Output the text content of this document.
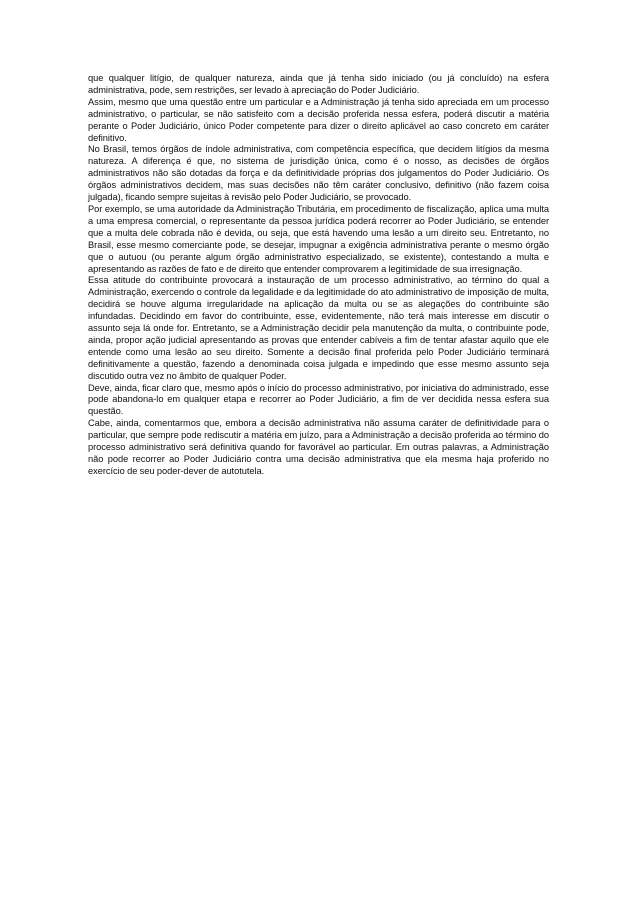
que qualquer litígio, de qualquer natureza, ainda que já tenha sido iniciado (ou já concluído) na esfera administrativa, pode, sem restrições, ser levado à apreciação do Poder Judiciário.

Assim, mesmo que uma questão entre um particular e a Administração já tenha sido apreciada em um processo administrativo, o particular, se não satisfeito com a decisão proferida nessa esfera, poderá discutir a matéria perante o Poder Judiciário, único Poder competente para dizer o direito aplicável ao caso concreto em caráter definitivo.

No Brasil, temos órgãos de índole administrativa, com competência específica, que decidem litígios da mesma natureza. A diferença é que, no sistema de jurisdição única, como é o nosso, as decisões de órgãos administrativos não são dotadas da força e da definitividade próprias dos julgamentos do Poder Judiciário. Os órgãos administrativos decidem, mas suas decisões não têm caráter conclusivo, definitivo (não fazem coisa julgada), ficando sempre sujeitas à revisão pelo Poder Judiciário, se provocado.

Por exemplo, se uma autoridade da Administração Tributária, em procedimento de fiscalização, aplica uma multa a uma empresa comercial, o representante da pessoa jurídica poderá recorrer ao Poder Judiciário, se entender que a multa dele cobrada não é devida, ou seja, que está havendo uma lesão a um direito seu. Entretanto, no Brasil, esse mesmo comerciante pode, se desejar, impugnar a exigência administrativa perante o mesmo órgão que o autuou (ou perante algum órgão administrativo especializado, se existente), contestando a multa e apresentando as razões de fato e de direito que entender comprovarem a legitimidade de sua irresignação.

Essa atitude do contribuinte provocará a instauração de um processo administrativo, ao término do qual a Administração, exercendo o controle da legalidade e da legitimidade do ato administrativo de imposição de multa, decidirá se houve alguma irregularidade na aplicação da multa ou se as alegações do contribuinte são infundadas. Decidindo em favor do contribuinte, esse, evidentemente, não terá mais interesse em discutir o assunto seja lá onde for. Entretanto, se a Administração decidir pela manutenção da multa, o contribuinte pode, ainda, propor ação judicial apresentando as provas que entender cabíveis a fim de tentar afastar aquilo que ele entende como uma lesão ao seu direito. Somente a decisão final proferida pelo Poder Judiciário terminará definitivamente a questão, fazendo a denominada coisa julgada e impedindo que esse mesmo assunto seja discutido outra vez no âmbito de qualquer Poder.

Deve, ainda, ficar claro que, mesmo após o início do processo administrativo, por iniciativa do administrado, esse pode abandona-lo em qualquer etapa e recorrer ao Poder Judiciário, a fim de ver decidida nessa esfera sua questão.

Cabe, ainda, comentarmos que, embora a decisão administrativa não assuma caráter de definitividade para o particular, que sempre pode rediscutir a matéria em juízo, para a Administração a decisão proferida ao término do processo administrativo será definitiva quando for favorável ao particular. Em outras palavras, a Administração não pode recorrer ao Poder Judiciário contra uma decisão administrativa que ela mesma haja proferido no exercício de seu poder-dever de autotutela.
